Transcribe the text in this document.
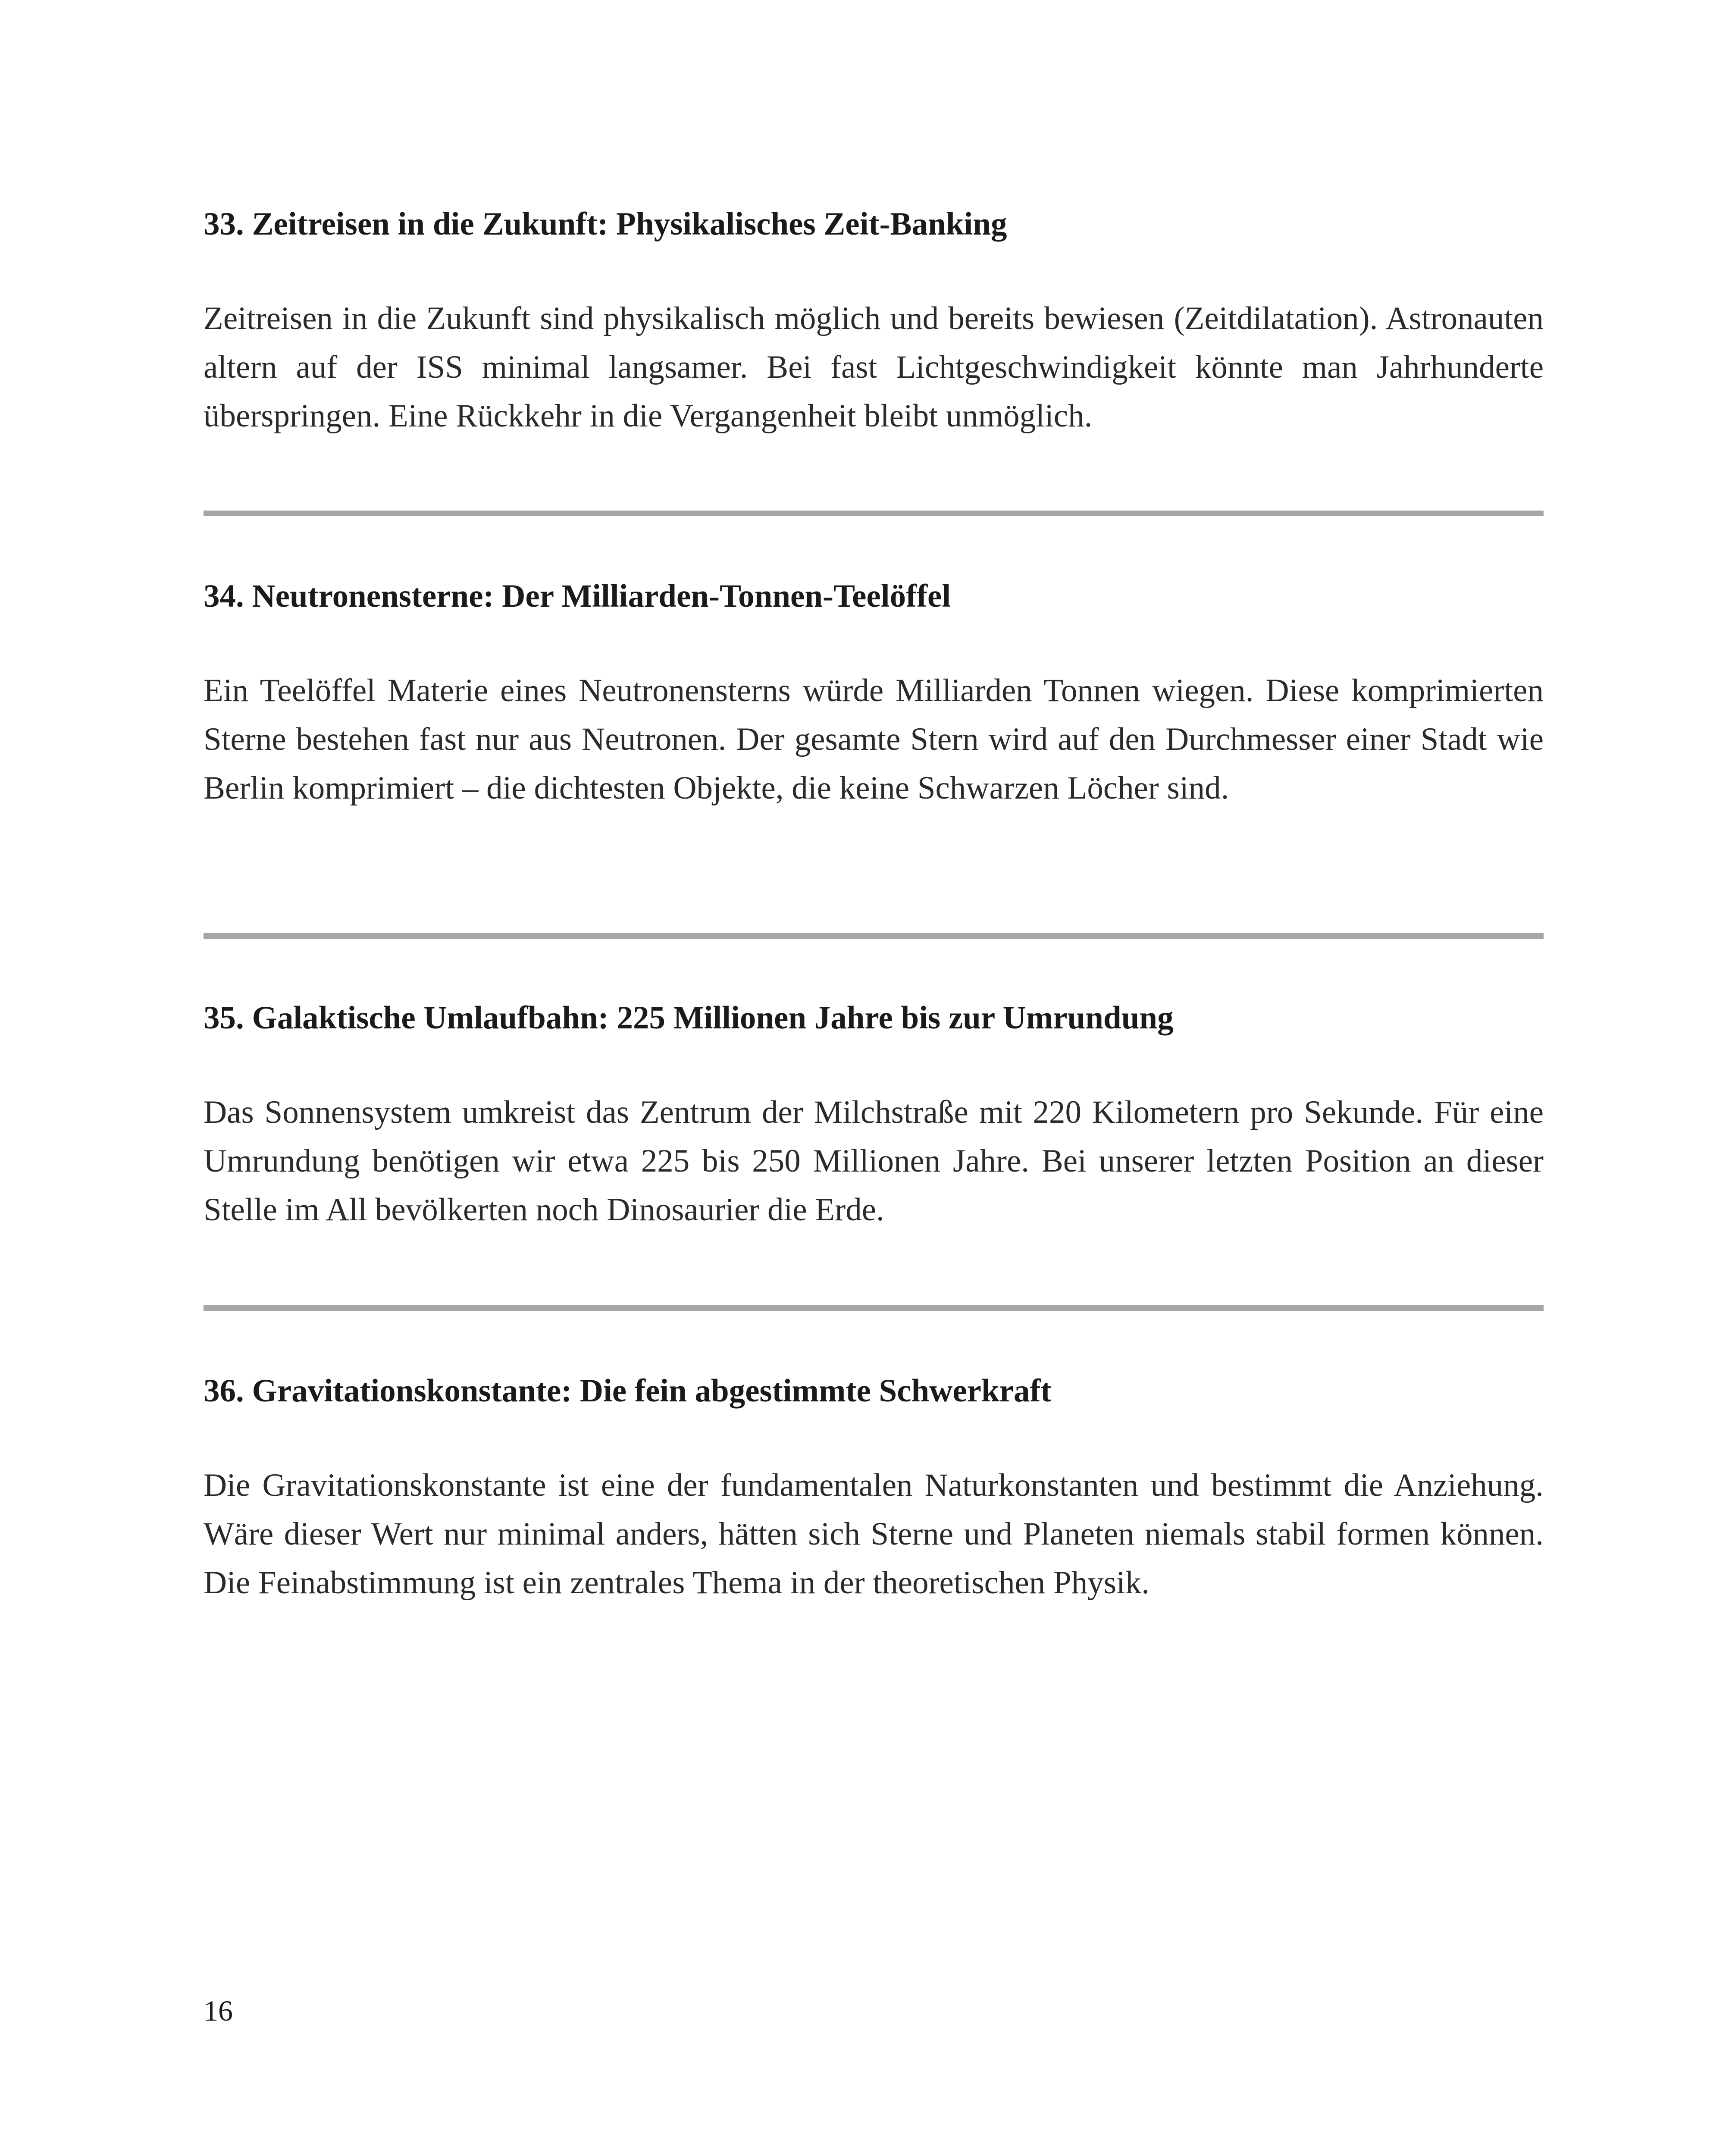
33. Zeitreisen in die Zukunft: Physikalisches Zeit-Banking

Zeitreisen in die Zukunft sind physikalisch möglich und bereits bewiesen (Zeitdilatation). Astronauten altern auf der ISS minimal langsamer. Bei fast Lichtgeschwindigkeit könnte man Jahrhunderte überspringen. Eine Rückkehr in die Vergangenheit bleibt unmöglich.

34. Neutronensterne: Der Milliarden-Tonnen-Teelöffel

Ein Teelöffel Materie eines Neutronensterns würde Milliarden Tonnen wiegen. Diese komprimierten Sterne bestehen fast nur aus Neutronen. Der gesamte Stern wird auf den Durchmesser einer Stadt wie Berlin komprimiert – die dichtesten Objekte, die keine Schwarzen Löcher sind.

35. Galaktische Umlaufbahn: 225 Millionen Jahre bis zur Umrundung

Das Sonnensystem umkreist das Zentrum der Milchstraße mit 220 Kilometern pro Sekunde. Für eine Umrundung benötigen wir etwa 225 bis 250 Millionen Jahre. Bei unserer letzten Position an dieser Stelle im All bevölkerten noch Dinosaurier die Erde.

36. Gravitationskonstante: Die fein abgestimmte Schwerkraft

Die Gravitationskonstante ist eine der fundamentalen Naturkonstanten und bestimmt die Anziehung. Wäre dieser Wert nur minimal anders, hätten sich Sterne und Planeten niemals stabil formen können. Die Feinabstimmung ist ein zentrales Thema in der theoretischen Physik.

16
